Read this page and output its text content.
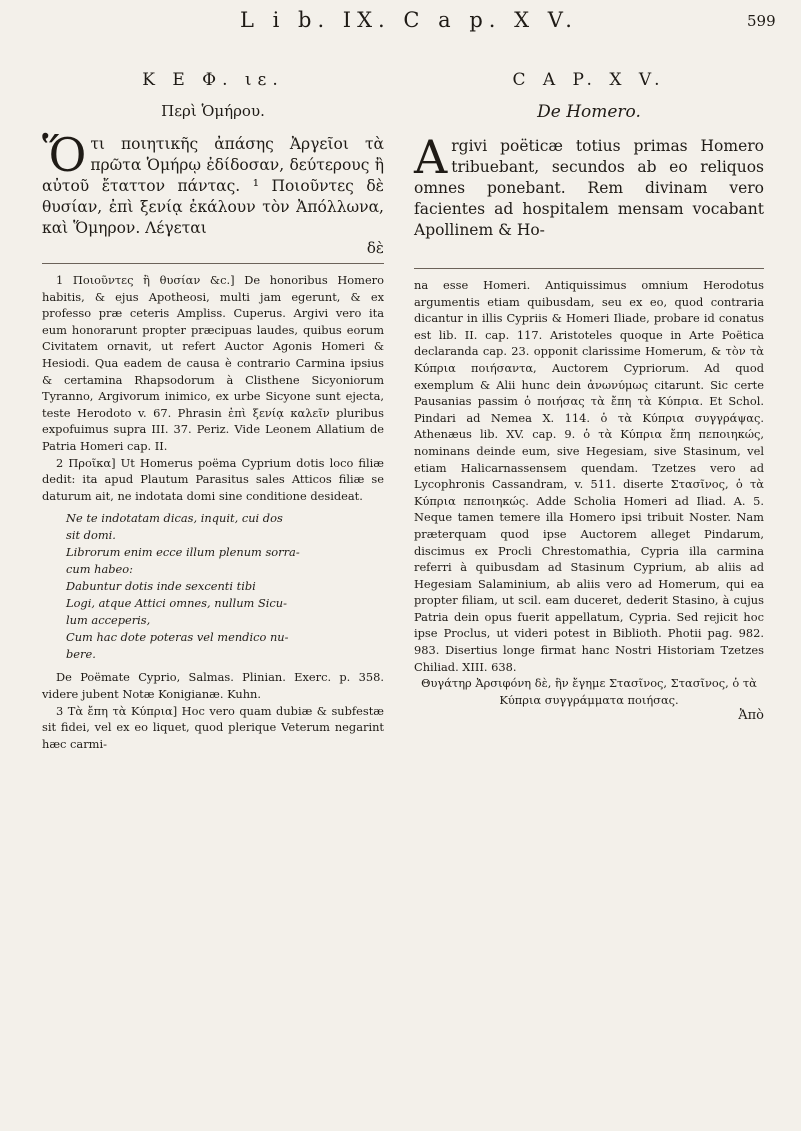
L i b. IX. C a p. X V.	599

Κ Ε Φ. ιε.

Περὶ Ὁμήρου.

Ὅτι ποιητικῆς ἀπάσης Ἀργεῖοι τὰ πρῶτα Ὁμήρῳ ἐδίδοσαν, δεύτερους ἢ αὐτοῦ ἔταττον πάντας. ¹ Ποιοῦντες δὲ θυσίαν, ἐπὶ ξενίᾳ ἐκάλουν τὸν Ἀπόλλωνα, καὶ Ὅμηρον. Λέγεται

δὲ

1 Ποιοῦντες ἢ θυσίαν &c.] De honoribus Homero habitis, & ejus Apotheosi, multi jam egerunt, & ex professo præ ceteris Ampliss. Cuperus. Argivi vero ita eum honorarunt propter præcipuas laudes, quibus eorum Civitatem ornavit, ut refert Auctor Agonis Homeri & Hesiodi. Qua eadem de causa è contrario Carmina ipsius & certamina Rhapsodorum à Clisthene Sicyoniorum Tyranno, Argivorum inimico, ex urbe Sicyone sunt ejecta, teste Herodoto v. 67. Phrasin ἐπὶ ξενίᾳ καλεῖν pluribus expofuimus supra III. 37. Periz. Vide Leonem Allatium de Patria Homeri cap. II.

2 Προῖκα] Ut Homerus poëma Cyprium dotis loco filiæ dedit: ita apud Plautum Parasitus sales Atticos filiæ se daturum ait, ne indotata domi sine conditione desideat.

Ne te indotatam dicas, inquit, cui dos
sit domi.
Librorum enim ecce illum plenum sorra-
cum habeo:
Dabuntur dotis inde sexcenti tibi
Logi, atque Attici omnes, nullum Sicu-
lum acceperis,
Cum hac dote poteras vel mendico nu-
bere.

De Poëmate Cyprio, Salmas. Plinian. Exerc. p. 358. videre jubent Notæ Konigianæ. Kuhn.

3 Τὰ ἔπη τὰ Κύπρια] Hoc vero quam dubiæ & subfestæ sit fidei, vel ex eo liquet, quod plerique Veterum negarint hæc carmi-

C A P. X V.

De Homero.

Argivi poëticæ totius primas Homero tribuebant, secundos ab eo reliquos omnes ponebant. Rem divinam vero facientes ad hospitalem mensam vocabant Apollinem & Ho-

na esse Homeri. Antiquissimus omnium Herodotus argumentis etiam quibusdam, seu ex eo, quod contraria dicantur in illis Cypriis & Homeri Iliade, probare id conatus est lib. II. cap. 117. Aristoteles quoque in Arte Poëtica declaranda cap. 23. opponit clarissime Homerum, & τὸν τὰ Κύπρια ποιήσαντα, Auctorem Cypriorum. Ad quod exemplum & Alii hunc dein ἀνωνύμως citarunt. Sic certe Pausanias passim ὁ ποιήσας τὰ ἔπη τὰ Κύπρια. Et Schol. Pindari ad Nemea X. 114. ὁ τὰ Κύπρια συγγράψας. Athenæus lib. XV. cap. 9. ὁ τὰ Κύπρια ἔπη πεποιηκώς, nominans deinde eum, sive Hegesiam, sive Stasinum, vel etiam Halicarnassensem quendam. Tzetzes vero ad Lycophronis Cassandram, v. 511. diserte Στασῖνος, ὁ τὰ Κύπρια πεποιηκώς. Adde Scholia Homeri ad Iliad. A. 5. Neque tamen temere illa Homero ipsi tribuit Noster. Nam præterquam quod ipse Auctorem alleget Pindarum, discimus ex Procli Chrestomathia, Cypria illa carmina referri à quibusdam ad Stasinum Cyprium, ab aliis ad Hegesiam Salaminium, ab aliis vero ad Homerum, qui ea propter filiam, ut scil. eam duceret, dederit Stasino, à cujus Patria dein opus fuerit appellatum, Cypria. Sed rejicit hoc ipse Proclus, ut videri potest in Biblioth. Photii pag. 982. 983. Disertius longe firmat hanc Nostri Historiam Tzetzes Chiliad. XIII. 638.

Θυγάτηρ Ἀρσιφόνη δὲ, ἣν ἔγημε Στασῖνος, Στασῖνος, ὁ τὰ Κύπρια συγγράμματα ποιήσας.

Ἀπὸ
